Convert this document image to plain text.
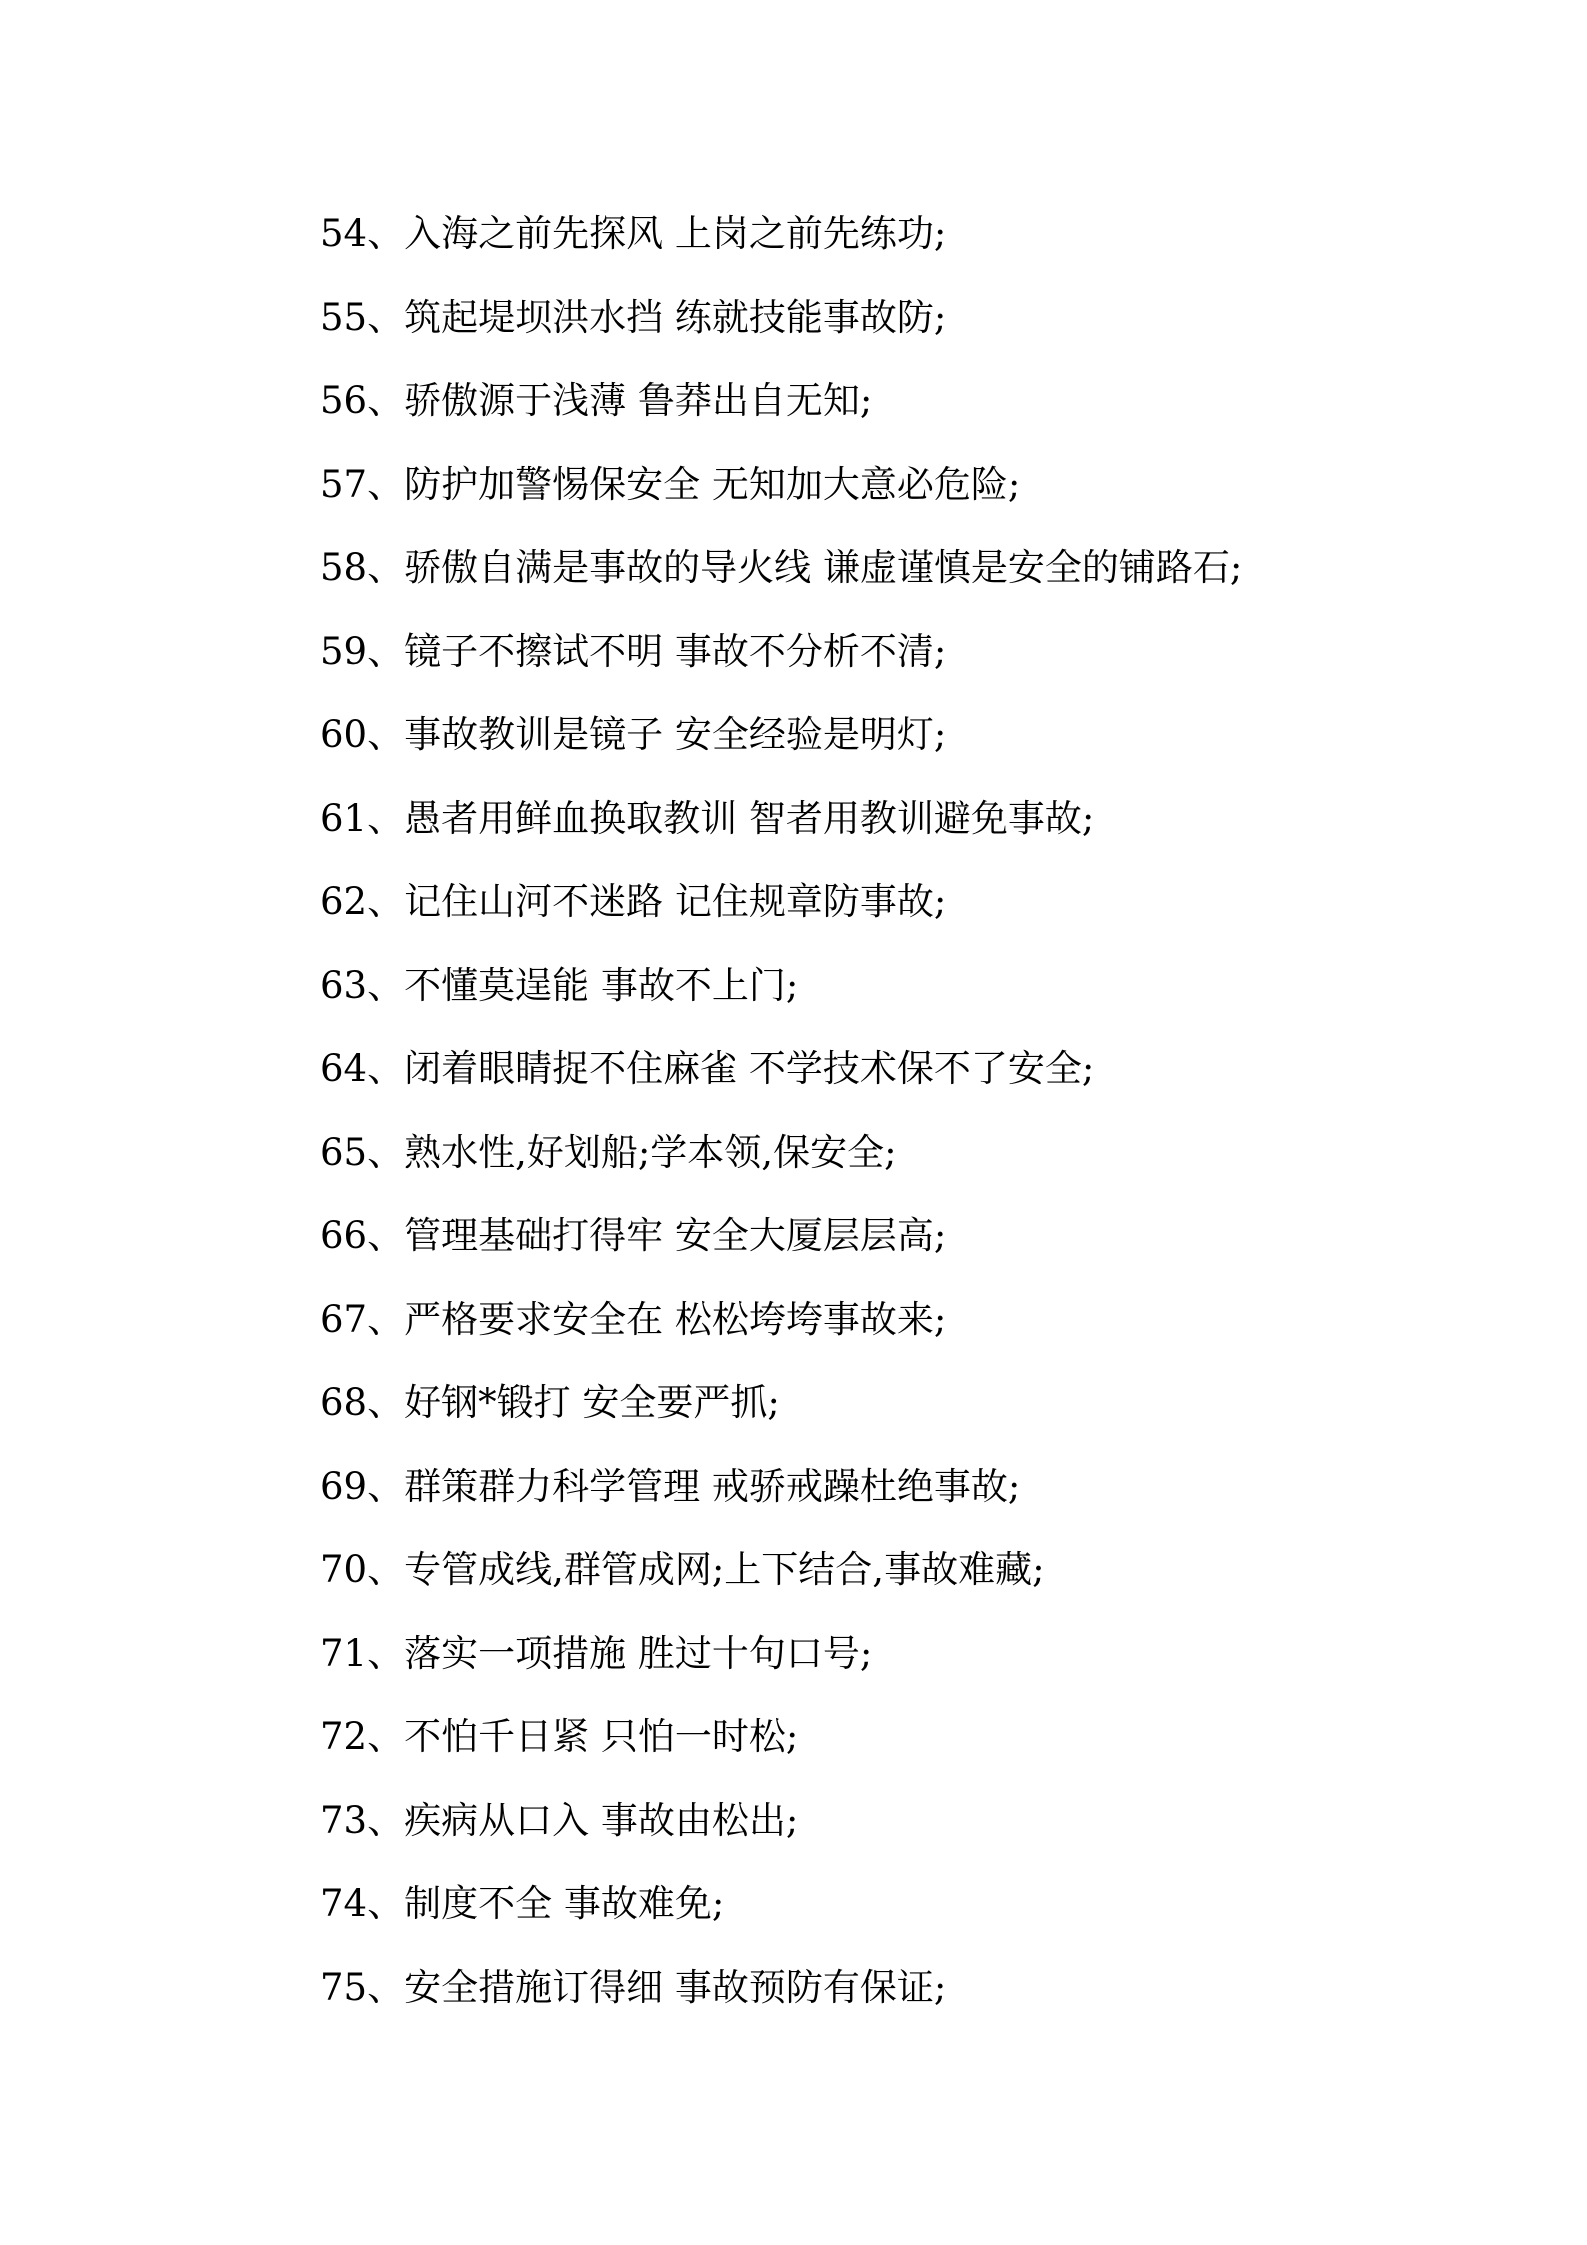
54、入海之前先探风 上岗之前先练功;
55、筑起堤坝洪水挡 练就技能事故防;
56、骄傲源于浅薄 鲁莽出自无知;
57、防护加警惕保安全 无知加大意必危险;
58、骄傲自满是事故的导火线 谦虚谨慎是安全的铺路石;
59、镜子不擦试不明 事故不分析不清;
60、事故教训是镜子 安全经验是明灯;
61、愚者用鲜血换取教训 智者用教训避免事故;
62、记住山河不迷路 记住规章防事故;
63、不懂莫逞能 事故不上门;
64、闭着眼睛捉不住麻雀 不学技术保不了安全;
65、熟水性,好划船;学本领,保安全;
66、管理基础打得牢 安全大厦层层高;
67、严格要求安全在 松松垮垮事故来;
68、好钢*锻打 安全要严抓;
69、群策群力科学管理 戒骄戒躁杜绝事故;
70、专管成线,群管成网;上下结合,事故难藏;
71、落实一项措施 胜过十句口号;
72、不怕千日紧 只怕一时松;
73、疾病从口入 事故由松出;
74、制度不全 事故难免;
75、安全措施订得细 事故预防有保证;
